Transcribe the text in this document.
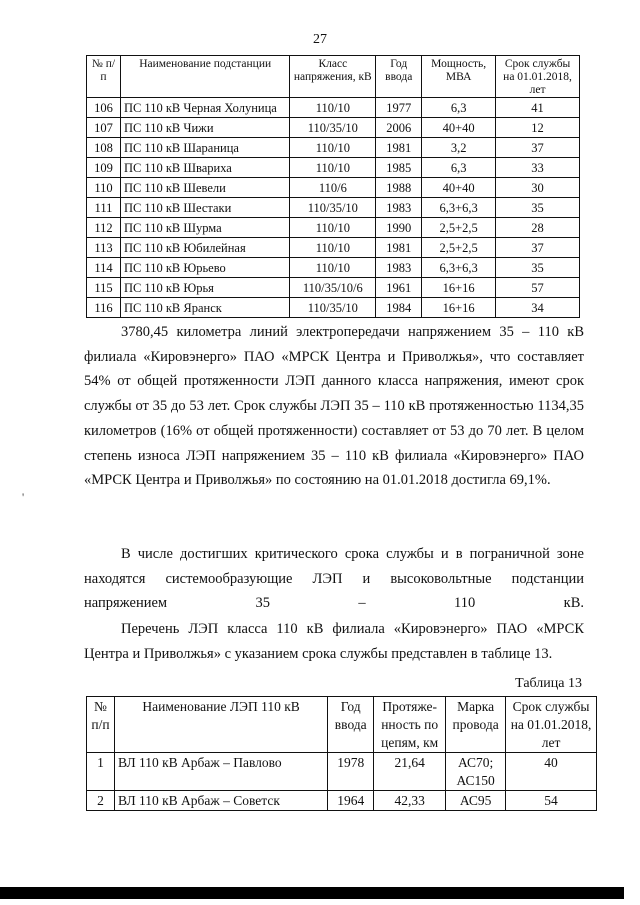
27
№ п/п	Наименование подстанции	Класс напряжения, кВ	Год ввода	Мощность, МВА	Срок службы на 01.01.2018, лет
106	ПС 110 кВ Черная Холуница	110/10	1977	6,3	41
107	ПС 110 кВ Чижи	110/35/10	2006	40+40	12
108	ПС 110 кВ Шараница	110/10	1981	3,2	37
109	ПС 110 кВ Швариха	110/10	1985	6,3	33
110	ПС 110 кВ Шевели	110/6	1988	40+40	30
111	ПС 110 кВ Шестаки	110/35/10	1983	6,3+6,3	35
112	ПС 110 кВ Шурма	110/10	1990	2,5+2,5	28
113	ПС 110 кВ Юбилейная	110/10	1981	2,5+2,5	37
114	ПС 110 кВ Юрьево	110/10	1983	6,3+6,3	35
115	ПС 110 кВ Юрья	110/35/10/6	1961	16+16	57
116	ПС 110 кВ Яранск	110/35/10	1984	16+16	34

3780,45 километра линий электропередачи напряжением 35 – 110 кВ филиала «Кировэнерго» ПАО «МРСК Центра и Приволжья», что составляет 54% от общей протяженности ЛЭП данного класса напряжения, имеют срок службы от 35 до 53 лет. Срок службы ЛЭП 35 – 110 кВ протяженностью 1134,35 километров (16% от общей протяженности) составляет от 53 до 70 лет. В целом степень износа ЛЭП напряжением 35 – 110 кВ филиала «Кировэнерго» ПАО «МРСК Центра и Приволжья» по состоянию на 01.01.2018 достигла 69,1%.

В числе достигших критического срока службы и в пограничной зоне находятся системообразующие ЛЭП и высоковольтные подстанции
напряжением 35 – 110 кВ.

Перечень ЛЭП класса 110 кВ филиала «Кировэнерго» ПАО «МРСК Центра и Приволжья» с указанием срока службы представлен в таблице 13.

Таблица 13
№ п/п	Наименование ЛЭП 110 кВ	Год ввода	Протяже- нность по цепям, км	Марка провода	Срок службы на 01.01.2018, лет
1	ВЛ 110 кВ Арбаж – Павлово	1978	21,64	АС70; АС150	40
2	ВЛ 110 кВ Арбаж – Советск	1964	42,33	АС95	54
'
